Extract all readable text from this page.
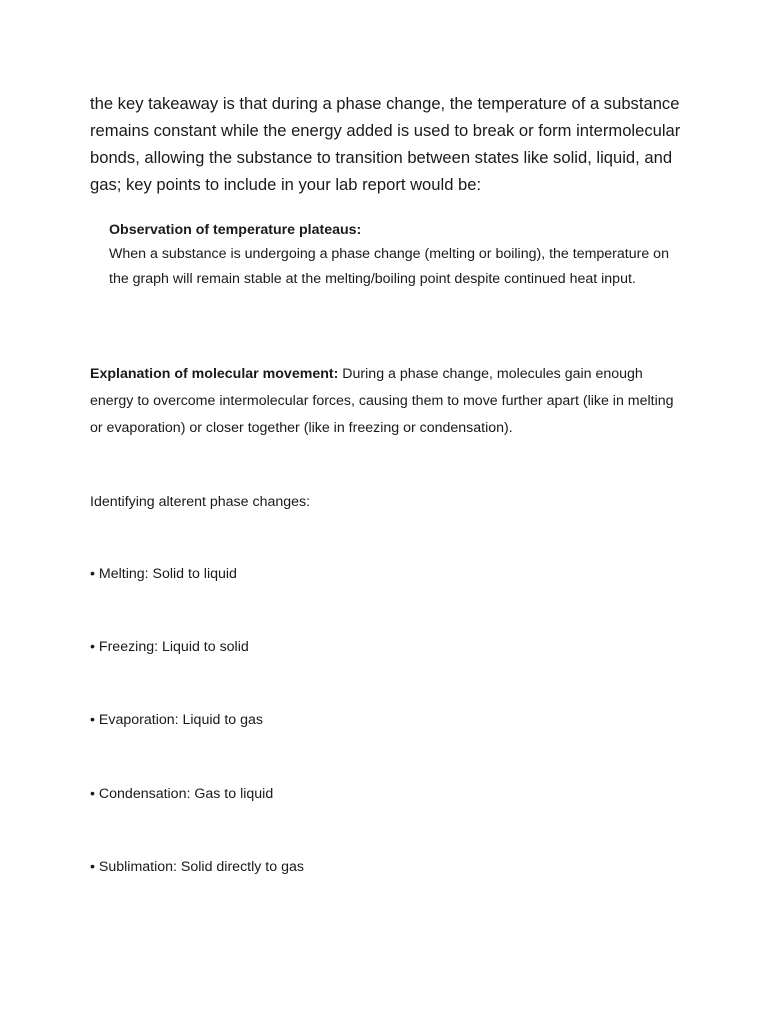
the key takeaway is that during a phase change, the temperature of a substance remains constant while the energy added is used to break or form intermolecular bonds, allowing the substance to transition between states like solid, liquid, and gas; key points to include in your lab report would be:

Observation of temperature plateaus:

When a substance is undergoing a phase change (melting or boiling), the temperature on the graph will remain stable at the melting/boiling point despite continued heat input.

Explanation of molecular movement: During a phase change, molecules gain enough energy to overcome intermolecular forces, causing them to move further apart (like in melting or evaporation) or closer together (like in freezing or condensation).

Identifying alterent phase changes:

• Melting: Solid to liquid

• Freezing: Liquid to solid

• Evaporation: Liquid to gas

• Condensation: Gas to liquid

• Sublimation: Solid directly to gas
